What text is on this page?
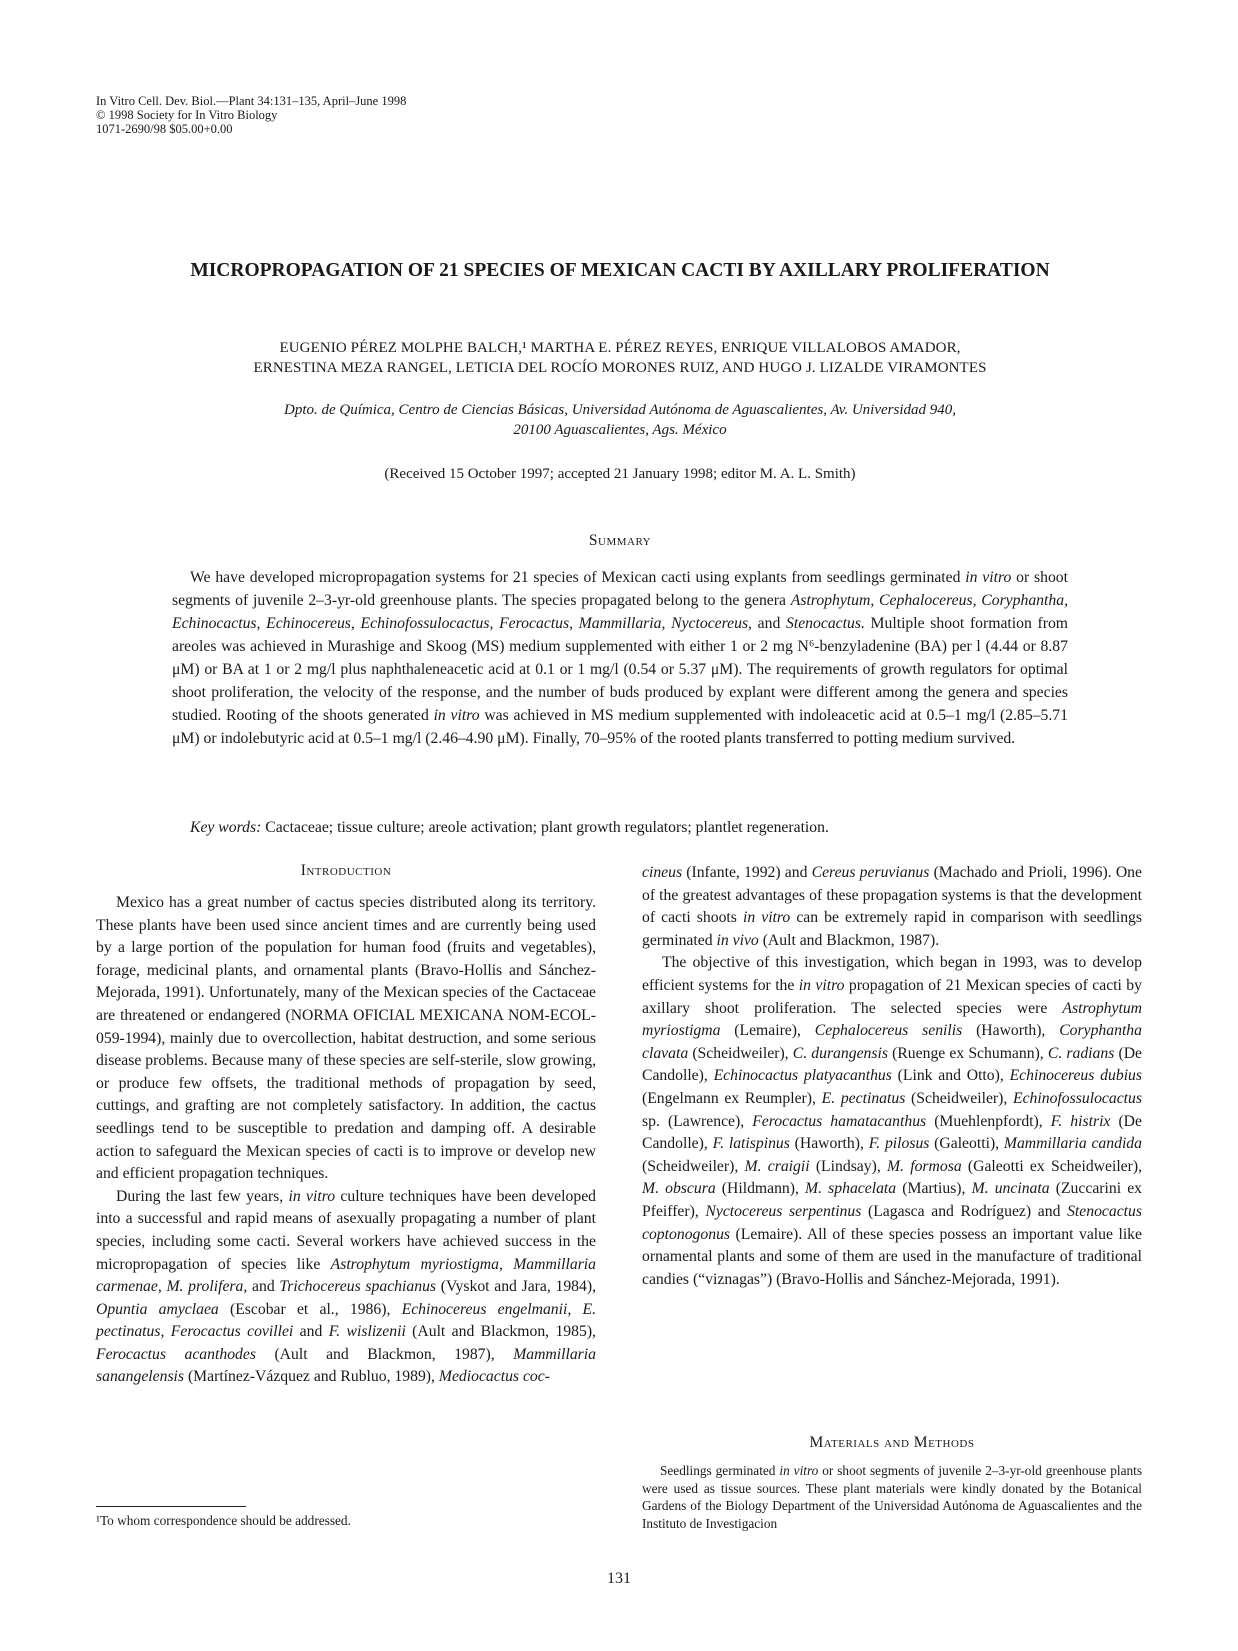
In Vitro Cell. Dev. Biol.—Plant 34:131–135, April–June 1998
© 1998 Society for In Vitro Biology
1071-2690/98 $05.00+0.00
MICROPROPAGATION OF 21 SPECIES OF MEXICAN CACTI BY AXILLARY PROLIFERATION
EUGENIO PÉREZ MOLPHE BALCH,¹ MARTHA E. PÉREZ REYES, ENRIQUE VILLALOBOS AMADOR,
ERNESTINA MEZA RANGEL, LETICIA DEL ROCÍO MORONES RUIZ, AND HUGO J. LIZALDE VIRAMONTES
Dpto. de Química, Centro de Ciencias Básicas, Universidad Autónoma de Aguascalientes, Av. Universidad 940,
20100 Aguascalientes, Ags. México
(Received 15 October 1997; accepted 21 January 1998; editor M. A. L. Smith)
Summary
We have developed micropropagation systems for 21 species of Mexican cacti using explants from seedlings germinated in vitro or shoot segments of juvenile 2–3-yr-old greenhouse plants. The species propagated belong to the genera Astrophytum, Cephalocereus, Coryphantha, Echinocactus, Echinocereus, Echinofossulocactus, Ferocactus, Mammillaria, Nyctocereus, and Stenocactus. Multiple shoot formation from areoles was achieved in Murashige and Skoog (MS) medium supplemented with either 1 or 2 mg N⁶-benzyladenine (BA) per l (4.44 or 8.87 μM) or BA at 1 or 2 mg/l plus naphthaleneacetic acid at 0.1 or 1 mg/l (0.54 or 5.37 μM). The requirements of growth regulators for optimal shoot proliferation, the velocity of the response, and the number of buds produced by explant were different among the genera and species studied. Rooting of the shoots generated in vitro was achieved in MS medium supplemented with indoleacetic acid at 0.5–1 mg/l (2.85–5.71 μM) or indolebutyric acid at 0.5–1 mg/l (2.46–4.90 μM). Finally, 70–95% of the rooted plants transferred to potting medium survived.
Key words: Cactaceae; tissue culture; areole activation; plant growth regulators; plantlet regeneration.
Introduction

Mexico has a great number of cactus species distributed along its territory. These plants have been used since ancient times and are currently being used by a large portion of the population for human food (fruits and vegetables), forage, medicinal plants, and ornamental plants (Bravo-Hollis and Sánchez-Mejorada, 1991). Unfortunately, many of the Mexican species of the Cactaceae are threatened or endangered (NORMA OFICIAL MEXICANA NOM-ECOL-059-1994), mainly due to overcollection, habitat destruction, and some serious disease problems. Because many of these species are self-sterile, slow growing, or produce few offsets, the traditional methods of propagation by seed, cuttings, and grafting are not completely satisfactory. In addition, the cactus seedlings tend to be susceptible to predation and damping off. A desirable action to safeguard the Mexican species of cacti is to improve or develop new and efficient propagation techniques.

During the last few years, in vitro culture techniques have been developed into a successful and rapid means of asexually propagating a number of plant species, including some cacti. Several workers have achieved success in the micropropagation of species like Astrophytum myriostigma, Mammillaria carmenae, M. prolifera, and Trichocereus spachianus (Vyskot and Jara, 1984), Opuntia amyclaea (Escobar et al., 1986), Echinocereus engelmanii, E. pectinatus, Ferocactus covillei and F. wislizenii (Ault and Blackmon, 1985), Ferocactus acanthodes (Ault and Blackmon, 1987), Mammillaria sanangelensis (Martínez-Vázquez and Rubluo, 1989), Mediocactus coc-

cineus (Infante, 1992) and Cereus peruvianus (Machado and Prioli, 1996). One of the greatest advantages of these propagation systems is that the development of cacti shoots in vitro can be extremely rapid in comparison with seedlings germinated in vivo (Ault and Blackmon, 1987).

The objective of this investigation, which began in 1993, was to develop efficient systems for the in vitro propagation of 21 Mexican species of cacti by axillary shoot proliferation. The selected species were Astrophytum myriostigma (Lemaire), Cephalocereus senilis (Haworth), Coryphantha clavata (Scheidweiler), C. durangensis (Ruenge ex Schumann), C. radians (De Candolle), Echinocactus platyacanthus (Link and Otto), Echinocereus dubius (Engelmann ex Reumpler), E. pectinatus (Scheidweiler), Echinofossulocactus sp. (Lawrence), Ferocactus hamatacanthus (Muehlenpfordt), F. histrix (De Candolle), F. latispinus (Haworth), F. pilosus (Galeotti), Mammillaria candida (Scheidweiler), M. craigii (Lindsay), M. formosa (Galeotti ex Scheidweiler), M. obscura (Hildmann), M. sphacelata (Martius), M. uncinata (Zuccarini ex Pfeiffer), Nyctocereus serpentinus (Lagasca and Rodríguez) and Stenocactus coptonogonus (Lemaire). All of these species possess an important value like ornamental plants and some of them are used in the manufacture of traditional candies (“viznagas”) (Bravo-Hollis and Sánchez-Mejorada, 1991).

Materials and Methods
Seedlings germinated in vitro or shoot segments of juvenile 2–3-yr-old greenhouse plants were used as tissue sources. These plant materials were kindly donated by the Botanical Gardens of the Biology Department of the Universidad Autónoma de Aguascalientes and the Instituto de Investigacion
¹To whom correspondence should be addressed.
131
